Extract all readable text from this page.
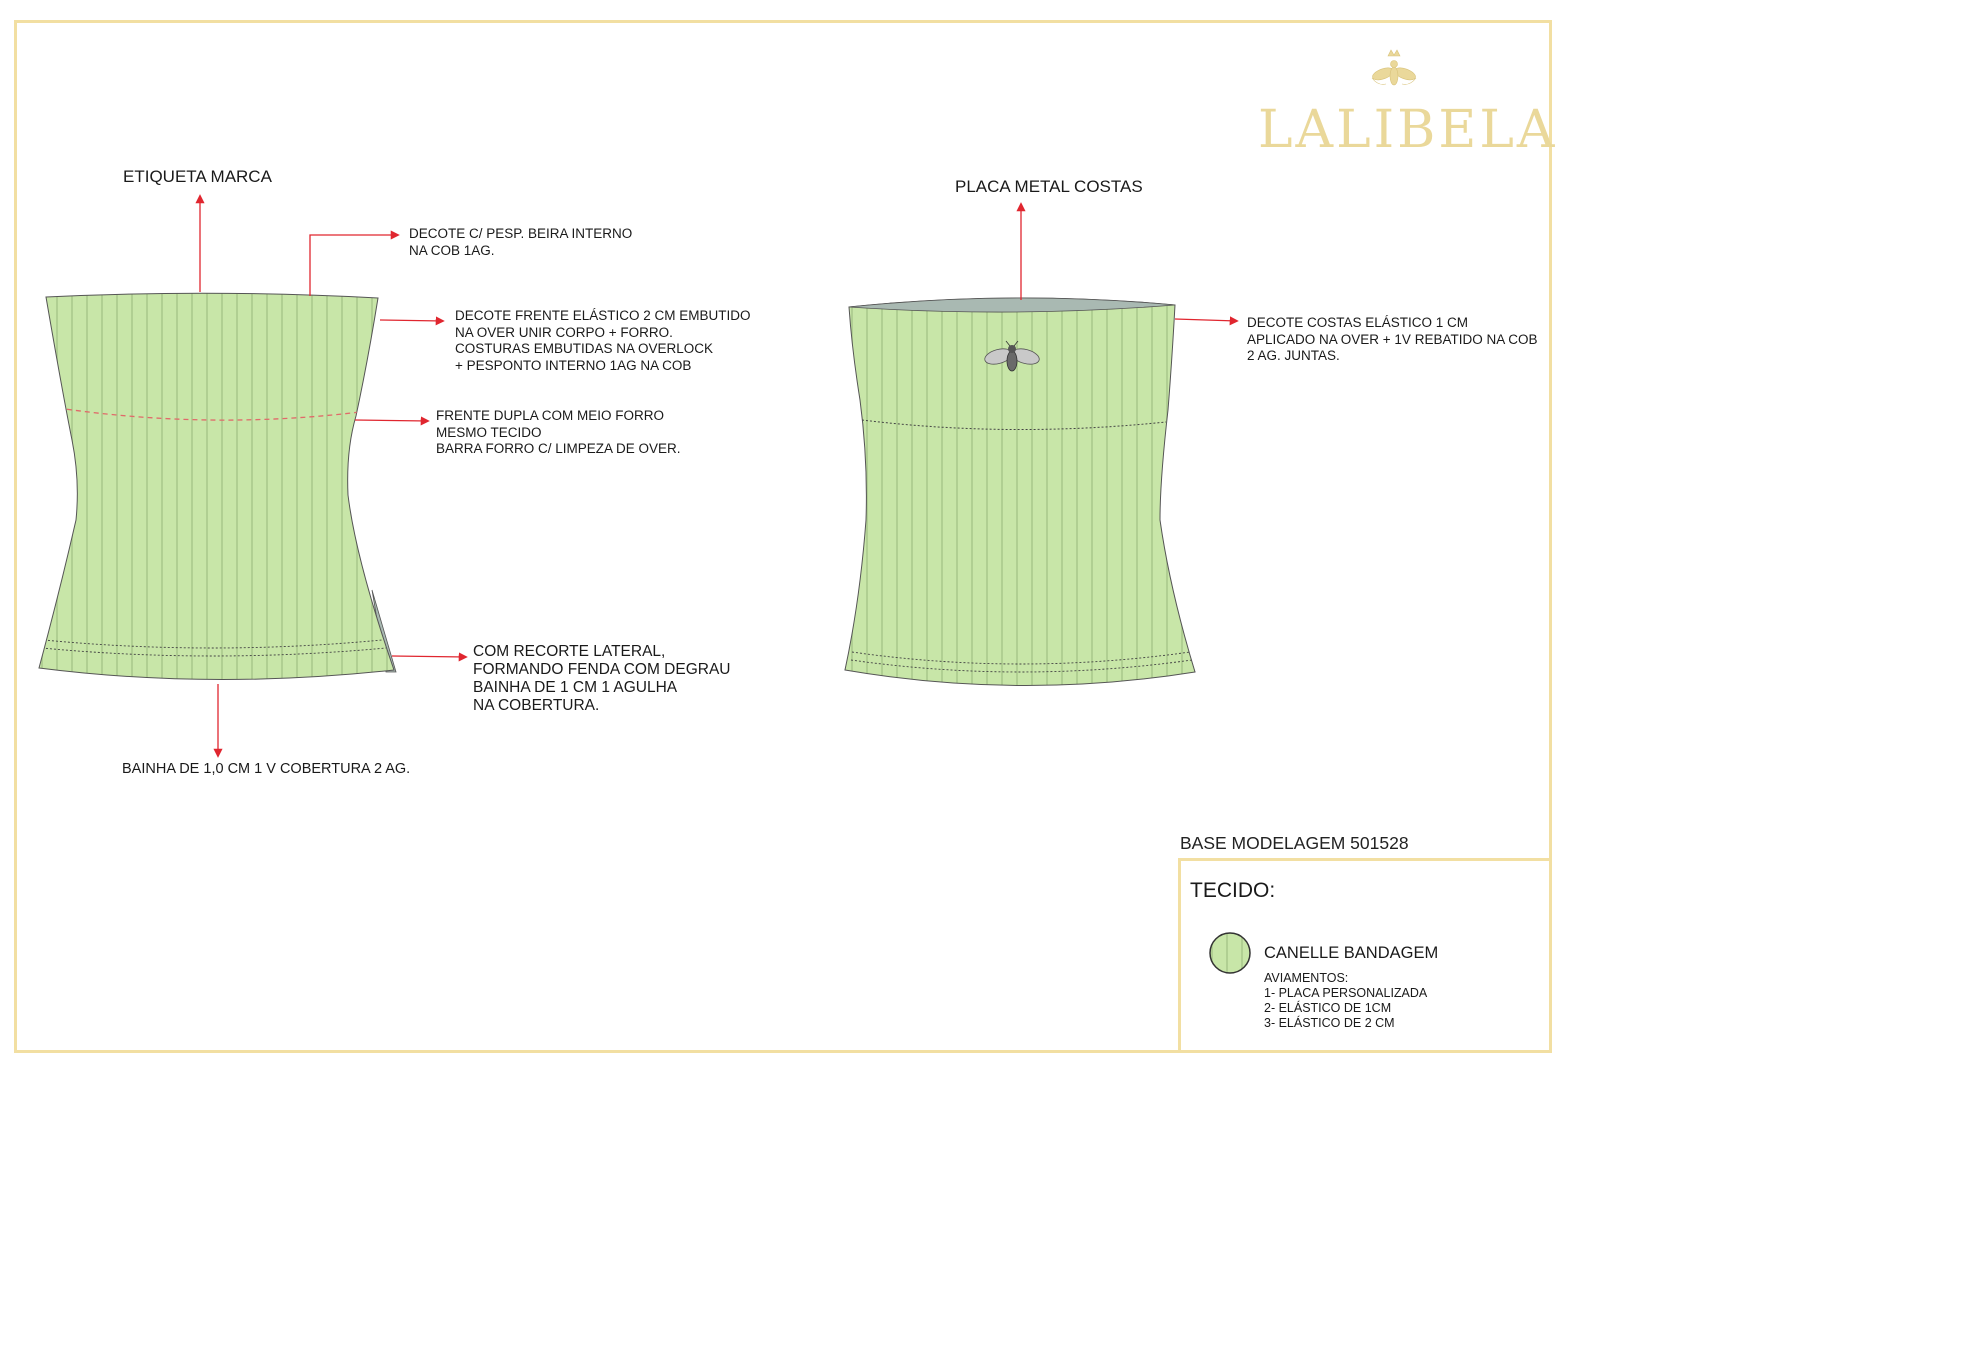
LALIBELA
ETIQUETA MARCA
DECOTE C/ PESP. BEIRA INTERNO
NA COB 1AG.
DECOTE FRENTE ELÁSTICO 2 CM EMBUTIDO
NA OVER UNIR CORPO + FORRO.
COSTURAS EMBUTIDAS NA OVERLOCK
+ PESPONTO INTERNO 1AG NA COB
FRENTE DUPLA COM MEIO FORRO
MESMO TECIDO
BARRA FORRO C/ LIMPEZA DE OVER.
COM RECORTE LATERAL,
FORMANDO FENDA COM DEGRAU
BAINHA DE 1 CM 1 AGULHA
NA COBERTURA.
BAINHA DE 1,0 CM 1 V COBERTURA 2 AG.
PLACA METAL COSTAS
DECOTE COSTAS ELÁSTICO 1 CM
APLICADO NA OVER + 1V REBATIDO NA COB
2 AG. JUNTAS.
BASE MODELAGEM 501528
TECIDO:
CANELLE BANDAGEM
AVIAMENTOS:
1- PLACA PERSONALIZADA
2- ELÁSTICO DE 1CM
3- ELÁSTICO DE 2 CM
